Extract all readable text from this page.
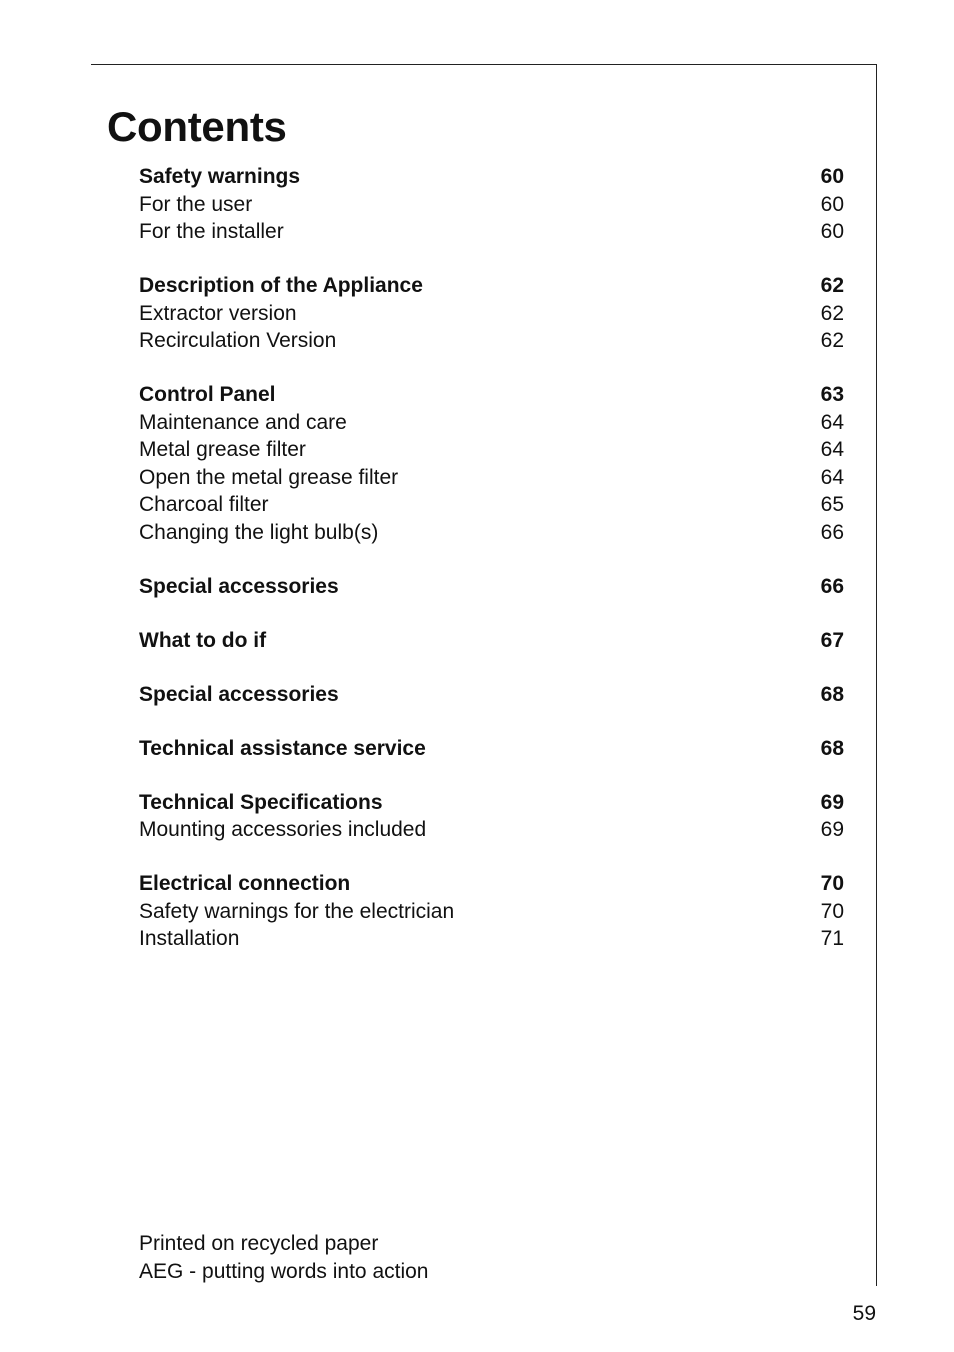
Contents
Safety warnings	60
For the user	60
For the installer	60
Description of the Appliance	62
Extractor version	62
Recirculation Version	62
Control Panel	63
Maintenance and care	64
Metal grease filter	64
Open the metal grease filter	64
Charcoal filter	65
Changing the light bulb(s)	66
Special accessories	66
What to do if	67
Special accessories	68
Technical assistance service	68
Technical Specifications	69
Mounting accessories included	69
Electrical connection	70
Safety warnings for the electrician	70
Installation	71
Printed on recycled paper
AEG - putting words into action
59
